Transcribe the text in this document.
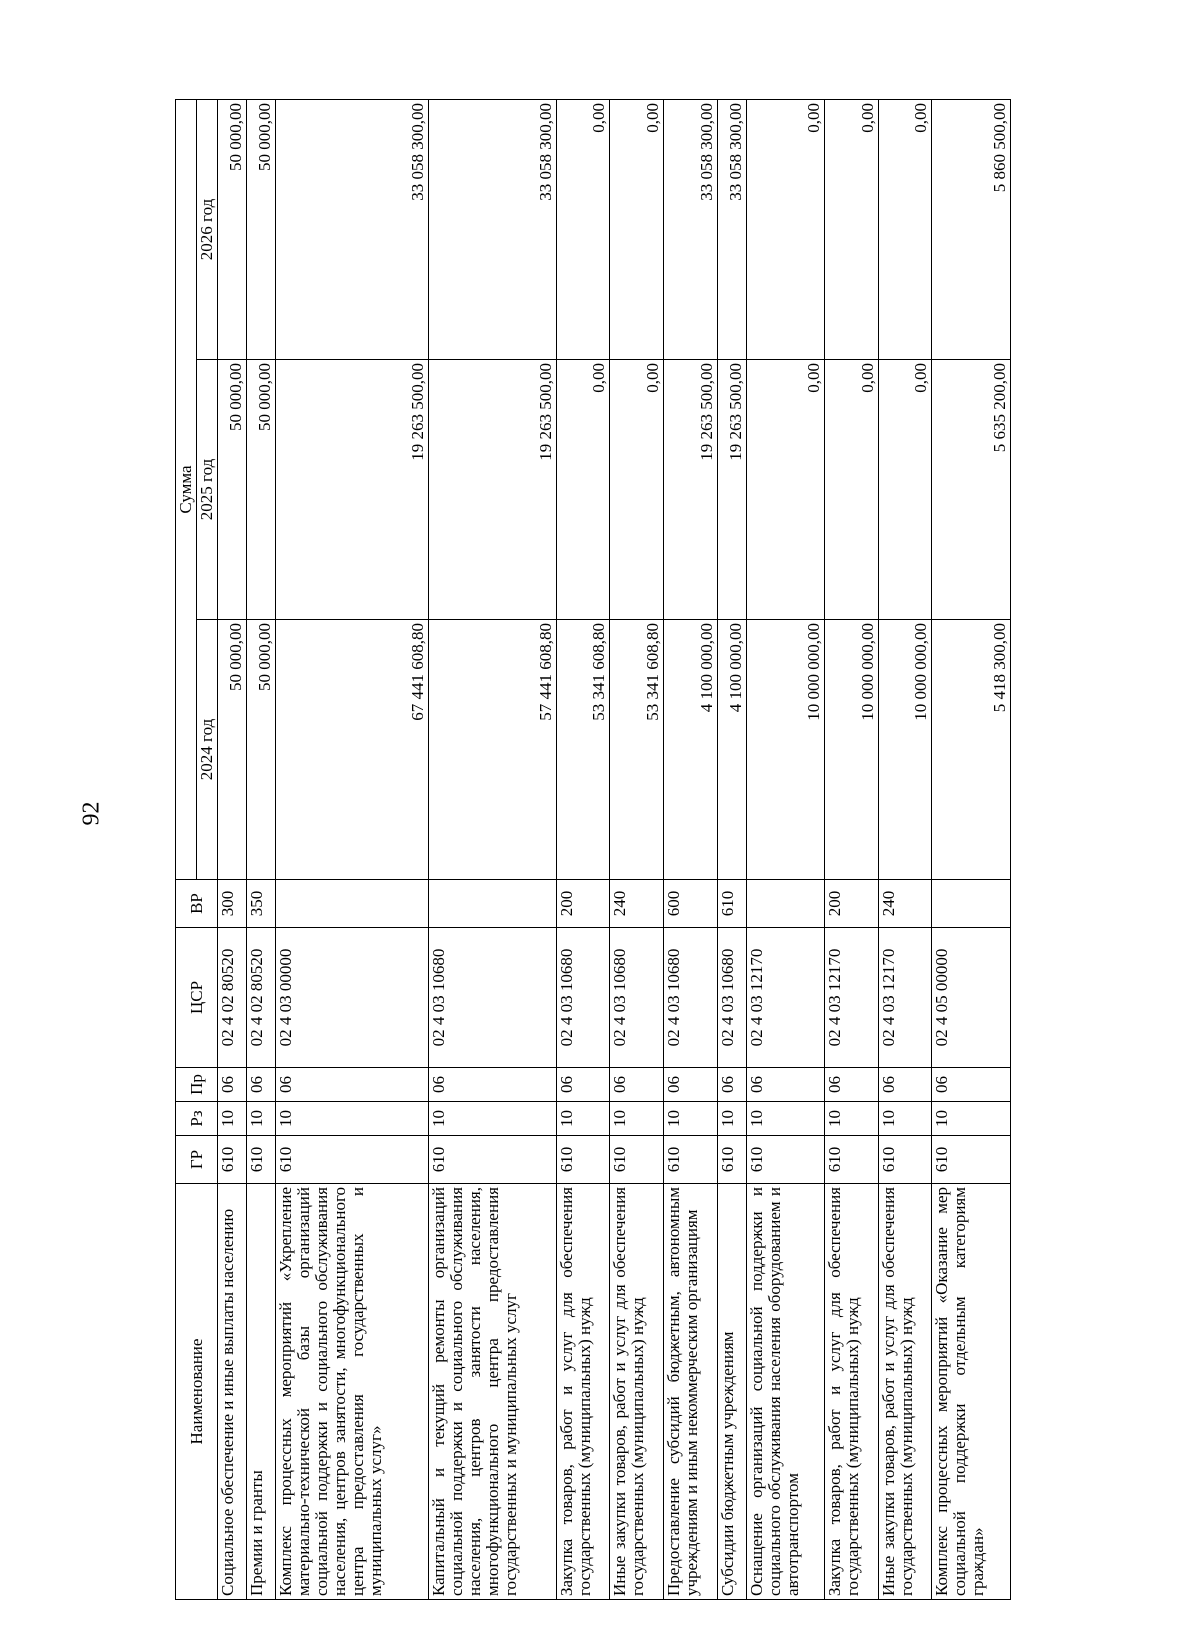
92
Наименование	ГР	Рз	Пр	ЦСР	ВР	Сумма		
						2024 год	2025 год	2026 год
Социальное обеспечение и иные выплаты населению	610	10	06	02 4 02 80520	300	50 000,00	50 000,00	50 000,00
Премии и гранты	610	10	06	02 4 02 80520	350	50 000,00	50 000,00	50 000,00
Комплекс процессных мероприятий «Укрепление материально-технической базы организаций социальной поддержки и социального обслуживания населения, центров занятости, многофункционального центра предоставления государственных и муниципальных услуг»	610	10	06	02 4 03 00000		67 441 608,80	19 263 500,00	33 058 300,00
Капитальный и текущий ремонты организаций социальной поддержки и социального обслуживания населения, центров занятости населения, многофункционального центра предоставления государственных и муниципальных услуг	610	10	06	02 4 03 10680		57 441 608,80	19 263 500,00	33 058 300,00
Закупка товаров, работ и услуг для обеспечения государственных (муниципальных) нужд	610	10	06	02 4 03 10680	200	53 341 608,80	0,00	0,00
Иные закупки товаров, работ и услуг для обеспечения государственных (муниципальных) нужд	610	10	06	02 4 03 10680	240	53 341 608,80	0,00	0,00
Предоставление субсидий бюджетным, автономным учреждениям и иным некоммерческим организациям	610	10	06	02 4 03 10680	600	4 100 000,00	19 263 500,00	33 058 300,00
Субсидии бюджетным учреждениям	610	10	06	02 4 03 10680	610	4 100 000,00	19 263 500,00	33 058 300,00
Оснащение организаций социальной поддержки и социального обслуживания населения оборудованием и автотранспортом	610	10	06	02 4 03 12170		10 000 000,00	0,00	0,00
Закупка товаров, работ и услуг для обеспечения государственных (муниципальных) нужд	610	10	06	02 4 03 12170	200	10 000 000,00	0,00	0,00
Иные закупки товаров, работ и услуг для обеспечения государственных (муниципальных) нужд	610	10	06	02 4 03 12170	240	10 000 000,00	0,00	0,00
Комплекс процессных мероприятий «Оказание мер социальной поддержки отдельным категориям граждан»	610	10	06	02 4 05 00000		5 418 300,00	5 635 200,00	5 860 500,00
